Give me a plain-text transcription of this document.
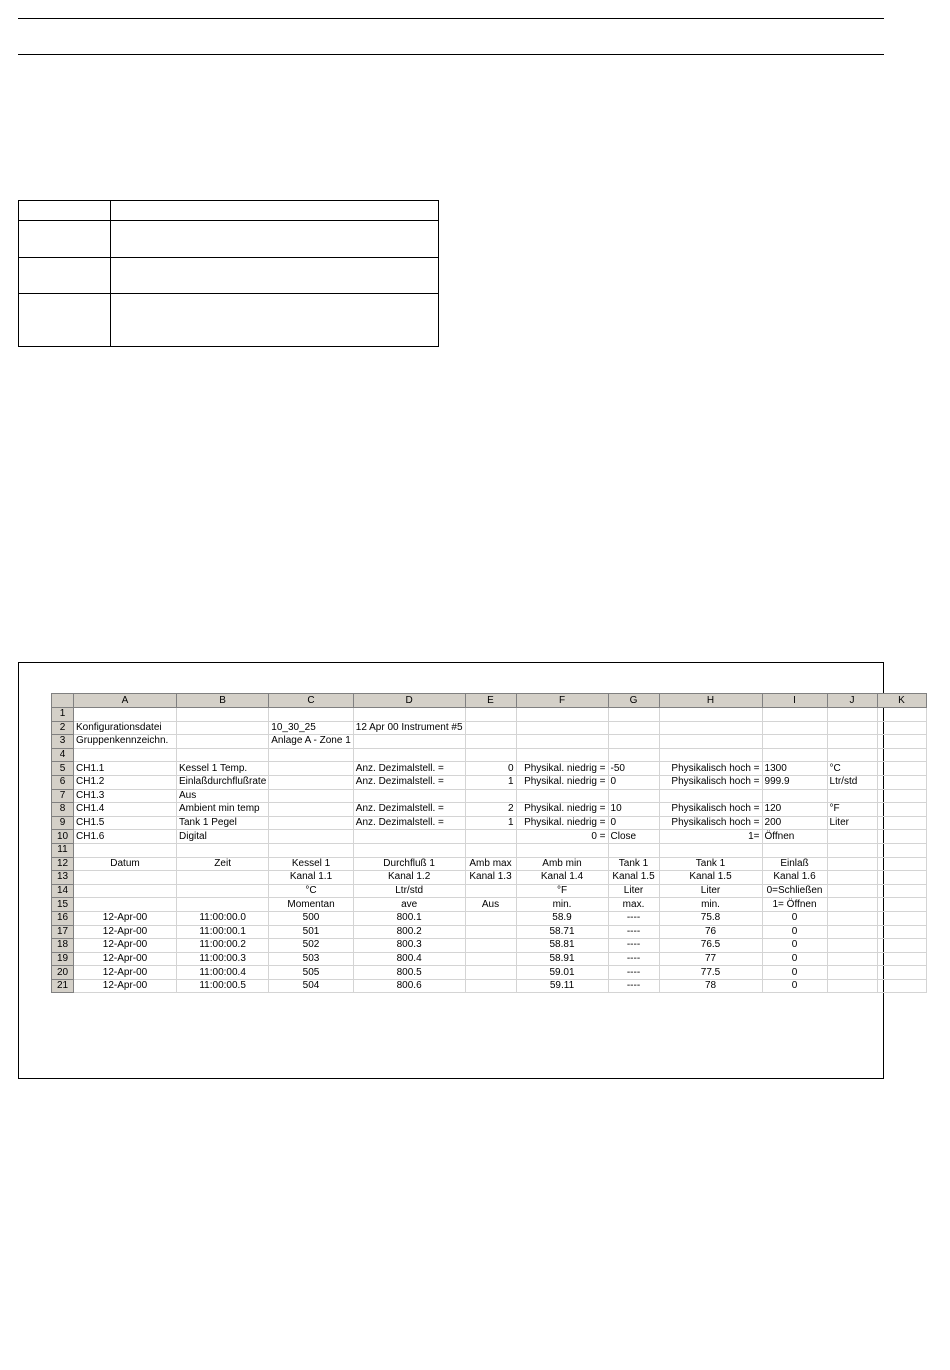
	A	B	C	D	E	F	G	H	I	J	K
1											
2	Konfigurationsdatei		10_30_25	12 Apr 00 Instrument #5							
3	Gruppenkennzeichn.		Anlage A - Zone 1								
4											
5	CH1.1	Kessel 1 Temp.		Anz. Dezimalstell. =	0	Physikal. niedrig =	-50	Physikalisch hoch =	1300	°C	
6	CH1.2	Einlaßdurchflußrate		Anz. Dezimalstell. =	1	Physikal. niedrig =	0	Physikalisch hoch =	999.9	Ltr/std	
7	CH1.3	Aus									
8	CH1.4	Ambient min temp		Anz. Dezimalstell. =	2	Physikal. niedrig =	10	Physikalisch hoch =	120	°F	
9	CH1.5	Tank 1 Pegel		Anz. Dezimalstell. =	1	Physikal. niedrig =	0	Physikalisch hoch =	200	Liter	
10	CH1.6	Digital				0 =	Close	1=	Öffnen		
11											
12	Datum	Zeit	Kessel 1	Durchfluß 1	Amb max	Amb min	Tank 1	Tank 1	Einlaß		
13			Kanal 1.1	Kanal 1.2	Kanal 1.3	Kanal 1.4	Kanal 1.5	Kanal 1.5	Kanal 1.6		
14			°C	Ltr/std		°F	Liter	Liter	0=Schließen		
15			Momentan	ave	Aus	min.	max.	min.	1= Öffnen		
16	12-Apr-00	11:00:00.0	500	800.1		58.9	----	75.8	0		
17	12-Apr-00	11:00:00.1	501	800.2		58.71	----	76	0		
18	12-Apr-00	11:00:00.2	502	800.3		58.81	----	76.5	0		
19	12-Apr-00	11:00:00.3	503	800.4		58.91	----	77	0		
20	12-Apr-00	11:00:00.4	505	800.5		59.01	----	77.5	0		
21	12-Apr-00	11:00:00.5	504	800.6		59.11	----	78	0		
